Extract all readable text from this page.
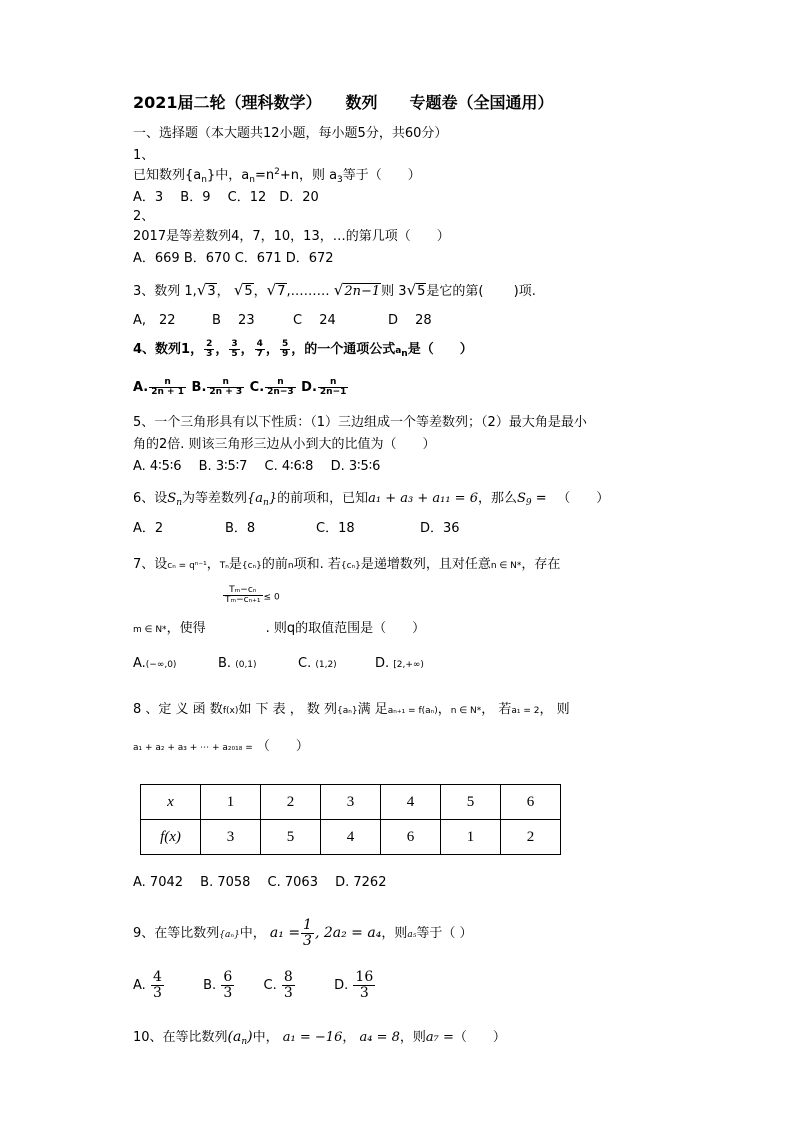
2021届二轮（理科数学）　　数列　　专题卷（全国通用）
一、选择题（本大题共12小题，每小题5分，共60分）
1、
已知数列$\{a_n\}$中，$a_n=n^2+n$，则 $a_3$等于（　　）
A．3　 B．9　 C．12　D．20
2、
2017是等差数列4，7，10，13，…的第几项（　　）
A．669 B．670 C．671 D．672
3、数列 1,√3， √5，√7,……… √2n−1则 3√5是它的第(　　 )项.
A,　22	B　 23	C　 24	D　 28
4、数列1， $\frac{2}{3}$ ， $\frac{3}{5}$ ， $\frac{4}{7}$ ， $\frac{5}{9}$ ，的一个通项公式$a_n$是（　　）
A. $\frac{n}{2n + 1} B$. $\frac{n}{2n + 3} C$. $\frac{n}{2n-3} D$. $\frac{n}{2n-1}$
5、一个三角形具有以下性质：（1）三边组成一个等差数列；（2）最大角是最小
角的2倍. 则该三角形三边从小到大的比值为（　　）
A. 4∶5∶6　 B. 3∶5∶7　 C. 4∶6∶8　 D. 3∶5∶6
6、设$S_n$为等差数列$\{a_n\}$的前项和，已知a₁ + a₃ + a₁₁ = 6，那么$S_9$ = 　（　　）
A．2	B．8	C．18	D．36
7、设cₙ = qⁿ⁻¹，Tₙ是{cₙ}的前n项和. 若{cₙ}是递增数列，且对任意n ∈ N*，存在
$\frac{\text{Tₘ−cₙ}}{\text{Tₘ−cₙ₊₁}} \le 0$
m ∈ N*，使得	. 则q的取值范围是（　　）
A.(−∞,0)	B. (0,1)	C. (1,2)	D. [2,+∞)
8 、定 义 函 数f(x)如 下 表 ， 数 列{aₙ}满 足aₙ₊₁ = f(aₙ)，n ∈ N*， 若a₁ = 2， 则
a₁ + a₂ + a₃ + ⋯ + a₂₀₁₈ = （　　）
x	1	2	3	4	5	6
f(x)	3	5	4	6	1	2
A. 7042　 B. 7058　 C. 7063　 D. 7262
9、在等比数列{aₙ}中， $a_1 = \frac{1}{3}$ , 2a₂ = a₄，则a₅等于（ ）
A. $\frac{4}{3}$	B. $\frac{6}{3} C$. $\frac{8}{3}$	D. $\frac{16}{3}$
10、在等比数列$(a_n)$中， a₁ = −16， a₄ = 8，则a₇ =（　　）
